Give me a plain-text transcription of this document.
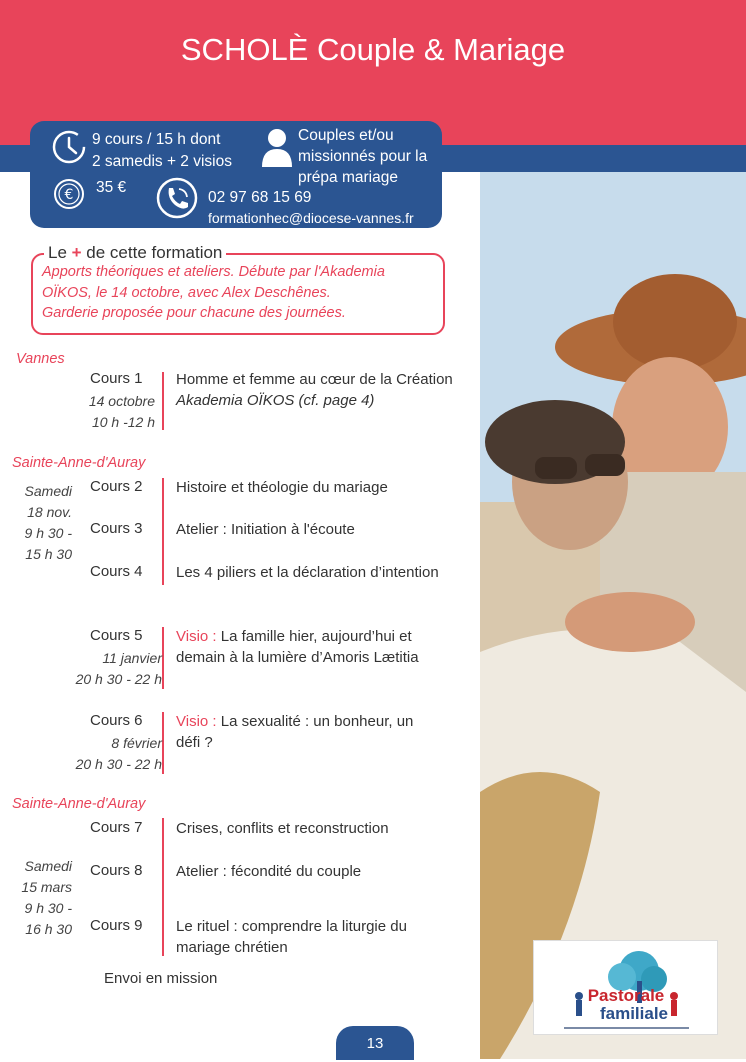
SCHOLÈ Couple & Mariage
9 cours / 15 h dont
2 samedis + 2 visios
€ 35 €
Couples et/ou
missionnés pour la
prépa mariage
02 97 68 15 69
formationhec@diocese-vannes.fr
Le + de cette formation
Apports théoriques et ateliers. Débute par l'Akademia
OÏKOS, le 14 octobre, avec Alex Deschênes.
Garderie proposée pour chacune des journées.
Vannes
Cours 1
14 octobre
10 h -12 h
Homme et femme au cœur de la Création
Akademia OÏKOS (cf. page 4)
Sainte-Anne-d'Auray
Samedi
18 nov.
9 h 30 -
15 h 30
Cours 2 Histoire et théologie du mariage
Cours 3 Atelier : Initiation à l'écoute
Cours 4 Les 4 piliers et la déclaration d’intention
Cours 5
11 janvier
20 h 30 - 22 h
Visio : La famille hier, aujourd’hui et
demain à la lumière d’Amoris Lætitia
Cours 6
8 février
20 h 30 - 22 h
Visio : La sexualité : un bonheur, un
défi ?
Sainte-Anne-d'Auray
Cours 7 Crises, conflits et reconstruction
Samedi
15 mars
9 h 30 -
16 h 30
Cours 8 Atelier : fécondité du couple
Cours 9 Le rituel : comprendre la liturgie du
mariage chrétien
Envoi en mission
Pastorale
familiale
13
